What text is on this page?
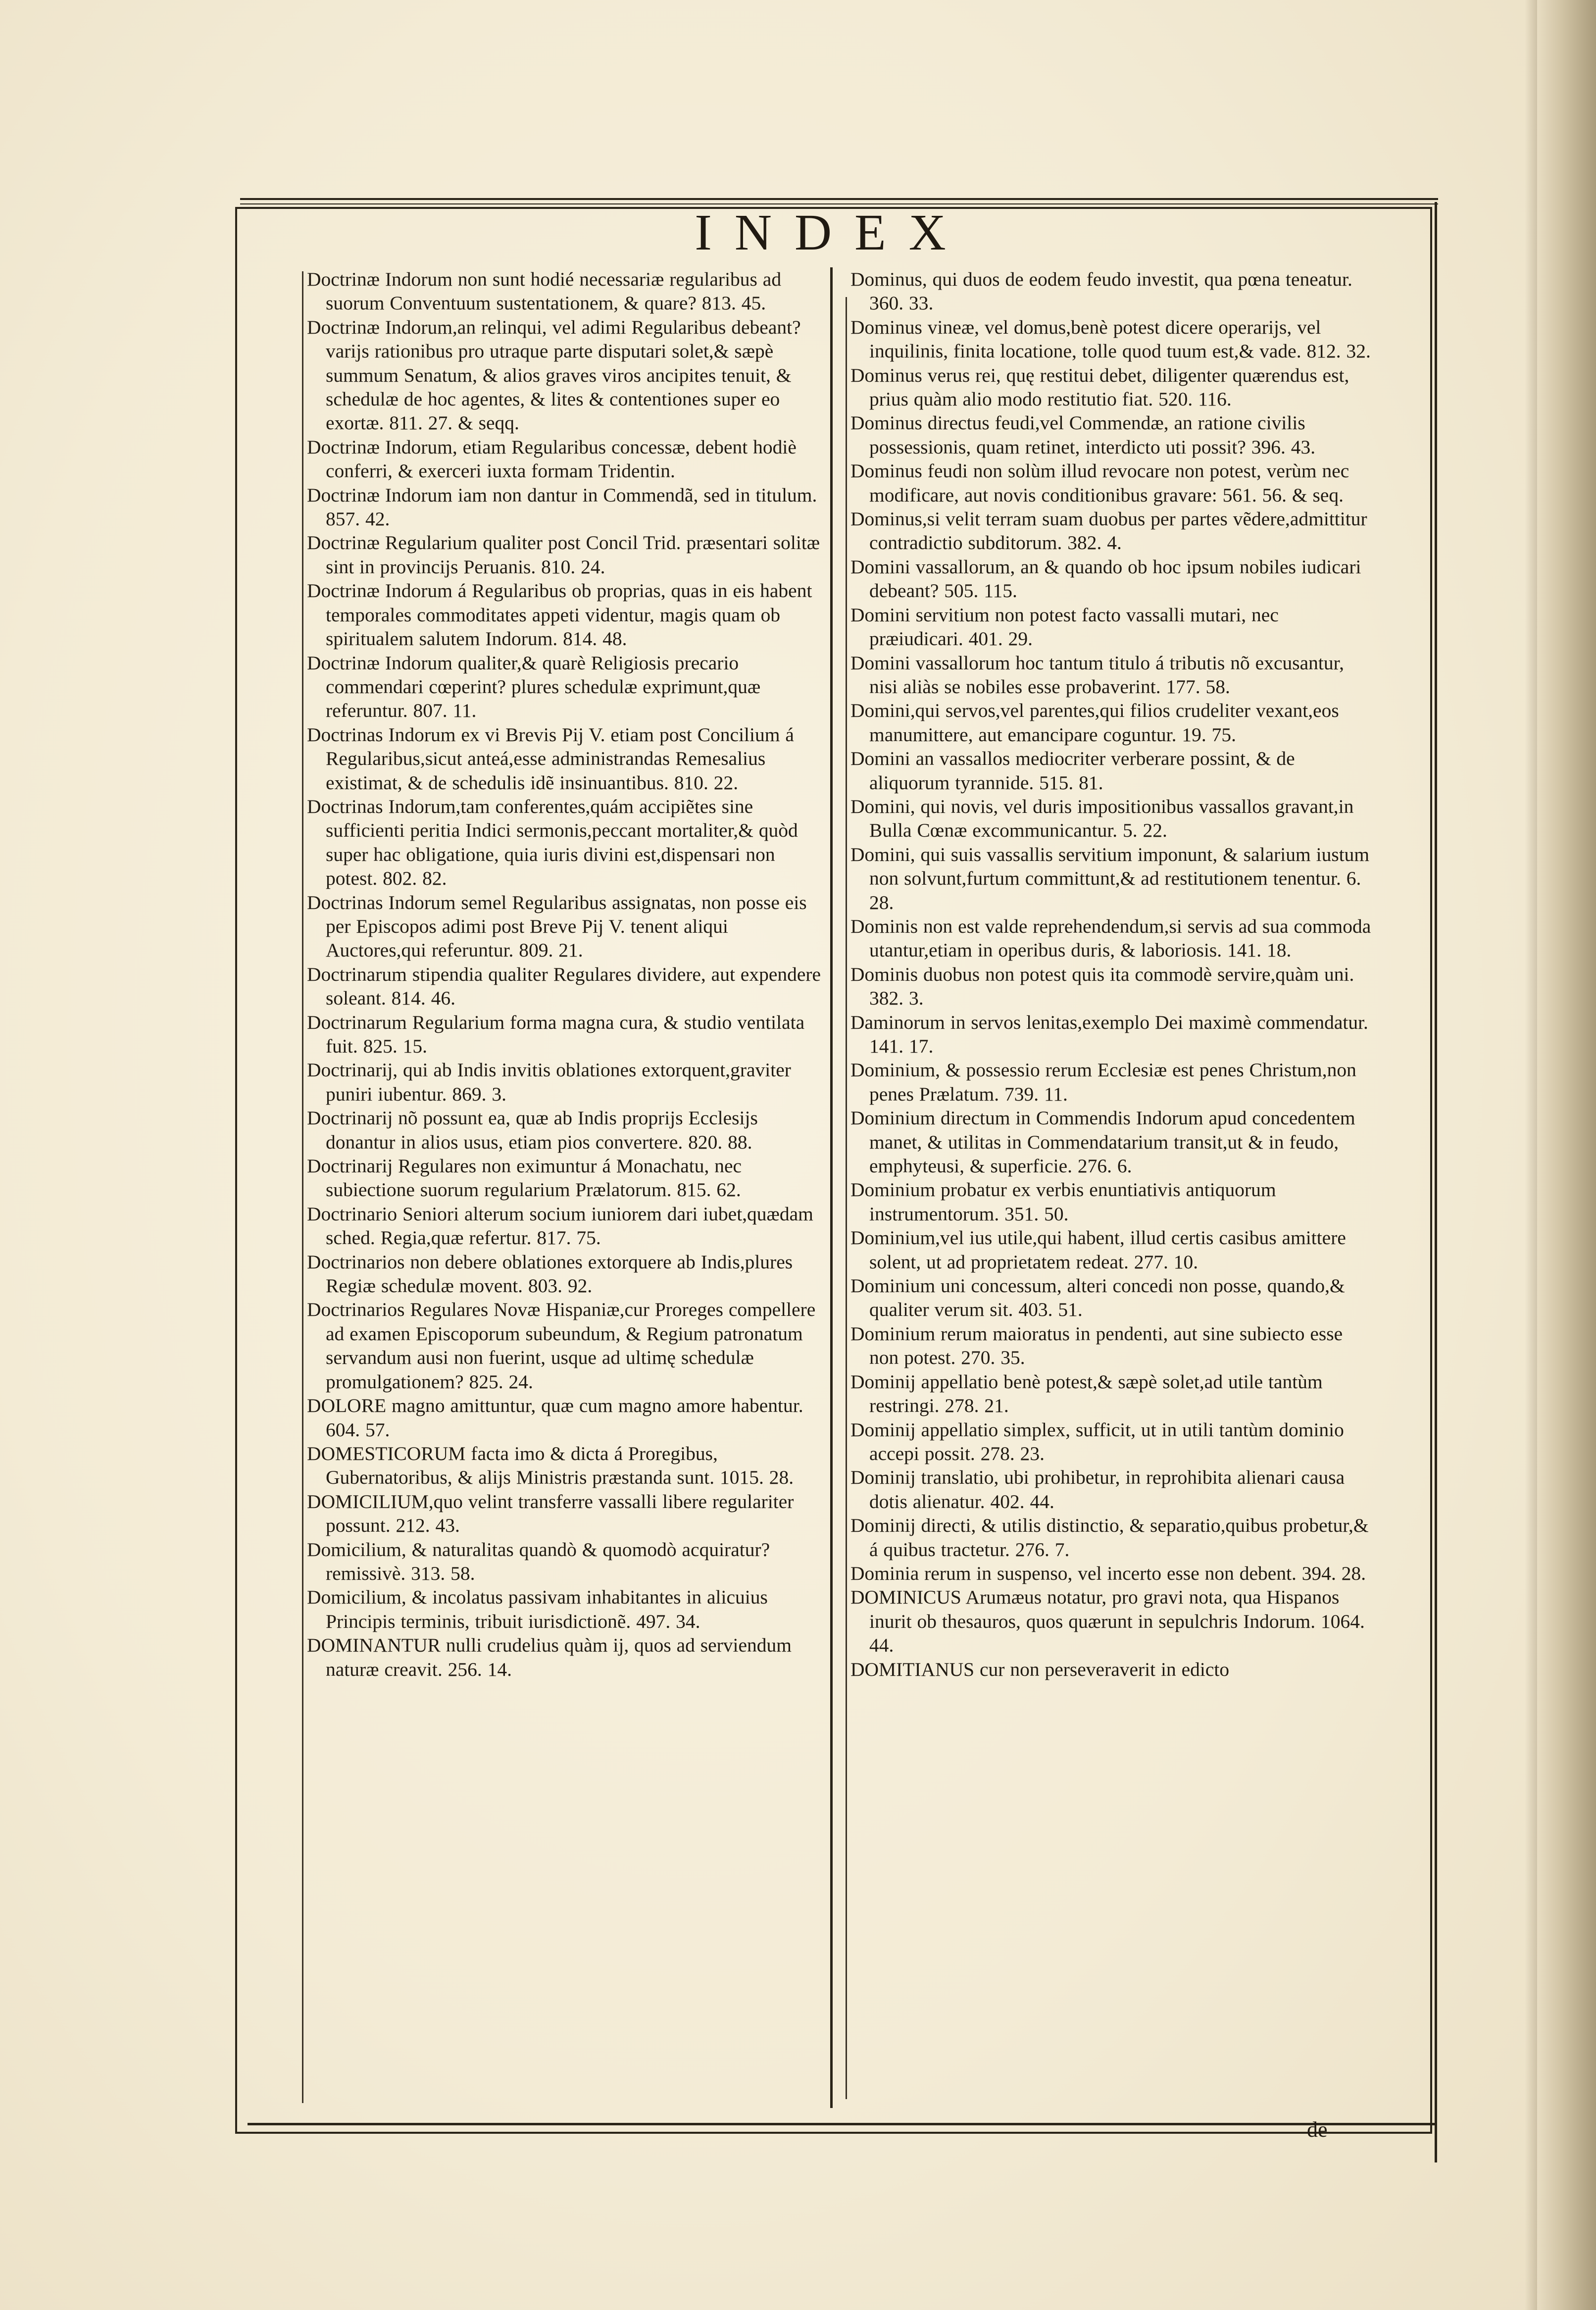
INDEX

Doctrinæ Indorum non sunt hodié necessariæ regularibus ad suorum Conventuum sustentationem, & quare? 813. 45.

Doctrinæ Indorum,an relinqui, vel adimi Regularibus debeant? varijs rationibus pro utraque parte disputari solet,& sæpè summum Senatum, & alios graves viros ancipites tenuit, & schedulæ de hoc agentes, & lites & contentiones super eo exortæ. 811. 27. & seqq.

Doctrinæ Indorum, etiam Regularibus concessæ, debent hodiè conferri, & exerceri iuxta formam Tridentin.

Doctrinæ Indorum iam non dantur in Commendã, sed in titulum. 857. 42.

Doctrinæ Regularium qualiter post Concil Trid. præsentari solitæ sint in provincijs Peruanis. 810. 24.

Doctrinæ Indorum á Regularibus ob proprias, quas in eis habent temporales commoditates appeti videntur, magis quam ob spiritualem salutem Indorum. 814. 48.

Doctrinæ Indorum qualiter,& quarè Religiosis precario commendari cœperint? plures schedulæ exprimunt,quæ referuntur. 807. 11.

Doctrinas Indorum ex vi Brevis Pij V. etiam post Concilium á Regularibus,sicut anteá,esse administrandas Remesalius existimat, & de schedulis idẽ insinuantibus. 810. 22.

Doctrinas Indorum,tam conferentes,quám accipiẽtes sine sufficienti peritia Indici sermonis,peccant mortaliter,& quòd super hac obligatione, quia iuris divini est,dispensari non potest. 802. 82.

Doctrinas Indorum semel Regularibus assignatas, non posse eis per Episcopos adimi post Breve Pij V. tenent aliqui Auctores,qui referuntur. 809. 21.

Doctrinarum stipendia qualiter Regulares dividere, aut expendere soleant. 814. 46.

Doctrinarum Regularium forma magna cura, & studio ventilata fuit. 825. 15.

Doctrinarij, qui ab Indis invitis oblationes extorquent,graviter puniri iubentur. 869. 3.

Doctrinarij nõ possunt ea, quæ ab Indis proprijs Ecclesijs donantur in alios usus, etiam pios convertere. 820. 88.

Doctrinarij Regulares non eximuntur á Monachatu, nec subiectione suorum regularium Prælatorum. 815. 62.

Doctrinario Seniori alterum socium iuniorem dari iubet,quædam sched. Regia,quæ refertur. 817. 75.

Doctrinarios non debere oblationes extorquere ab Indis,plures Regiæ schedulæ movent. 803. 92.

Doctrinarios Regulares Novæ Hispaniæ,cur Proreges compellere ad examen Episcoporum subeundum, & Regium patronatum servandum ausi non fuerint, usque ad ultimę schedulæ promulgationem? 825. 24.

DOLORE magno amittuntur, quæ cum magno amore habentur. 604. 57.

DOMESTICORUM facta imo & dicta á Proregibus, Gubernatoribus, & alijs Ministris præstanda sunt. 1015. 28.

DOMICILIUM,quo velint transferre vassalli libere regulariter possunt. 212. 43.

Domicilium, & naturalitas quandò & quomodò acquiratur?remissivè. 313. 58.

Domicilium, & incolatus passivam inhabitantes in alicuius Principis terminis, tribuit iurisdictionẽ. 497. 34.

DOMINANTUR nulli crudelius quàm ij, quos ad serviendum naturæ creavit. 256. 14.

Dominus, qui duos de eodem feudo investit, qua pœna teneatur. 360. 33.

Dominus vineæ, vel domus,benè potest dicere operarijs, vel inquilinis, finita locatione, tolle quod tuum est,& vade. 812. 32.

Dominus verus rei, quę restitui debet, diligenter quærendus est, prius quàm alio modo restitutio fiat. 520. 116.

Dominus directus feudi,vel Commendæ, an ratione civilis possessionis, quam retinet, interdicto uti possit? 396. 43.

Dominus feudi non solùm illud revocare non potest, verùm nec modificare, aut novis conditionibus gravare: 561. 56. & seq.

Dominus,si velit terram suam duobus per partes vẽdere,admittitur contradictio subditorum. 382. 4.

Domini vassallorum, an & quando ob hoc ipsum nobiles iudicari debeant? 505. 115.

Domini servitium non potest facto vassalli mutari, nec præiudicari. 401. 29.

Domini vassallorum hoc tantum titulo á tributis nõ excusantur, nisi aliàs se nobiles esse probaverint. 177. 58.

Domini,qui servos,vel parentes,qui filios crudeliter vexant,eos manumittere, aut emancipare coguntur. 19. 75.

Domini an vassallos mediocriter verberare possint, & de aliquorum tyrannide. 515. 81.

Domini, qui novis, vel duris impositionibus vassallos gravant,in Bulla Cœnæ excommunicantur. 5. 22.

Domini, qui suis vassallis servitium imponunt, & salarium iustum non solvunt,furtum committunt,& ad restitutionem tenentur. 6. 28.

Dominis non est valde reprehendendum,si servis ad sua commoda utantur,etiam in operibus duris, & laboriosis. 141. 18.

Dominis duobus non potest quis ita commodè servire,quàm uni. 382. 3.

Daminorum in servos lenitas,exemplo Dei maximè commendatur. 141. 17.

Dominium, & possessio rerum Ecclesiæ est penes Christum,non penes Prælatum. 739. 11.

Dominium directum in Commendis Indorum apud concedentem manet, & utilitas in Commendatarium transit,ut & in feudo, emphyteusi, & superficie. 276. 6.

Dominium probatur ex verbis enuntiativis antiquorum instrumentorum. 351. 50.

Dominium,vel ius utile,qui habent, illud certis casibus amittere solent, ut ad proprietatem redeat. 277. 10.

Dominium uni concessum, alteri concedi non posse, quando,& qualiter verum sit. 403. 51.

Dominium rerum maioratus in pendenti, aut sine subiecto esse non potest. 270. 35.

Dominij appellatio benè potest,& sæpè solet,ad utile tantùm restringi. 278. 21.

Dominij appellatio simplex, sufficit, ut in utili tantùm dominio accepi possit. 278. 23.

Dominij translatio, ubi prohibetur, in reprohibita alienari causa dotis alienatur. 402. 44.

Dominij directi, & utilis distinctio, & separatio,quibus probetur,& á quibus tractetur. 276. 7.

Dominia rerum in suspenso, vel incerto esse non debent. 394. 28.

DOMINICUS Arumæus notatur, pro gravi nota, qua Hispanos inurit ob thesauros, quos quærunt in sepulchris Indorum. 1064. 44.

DOMITIANUS cur non perseveraverit in edicto

de
